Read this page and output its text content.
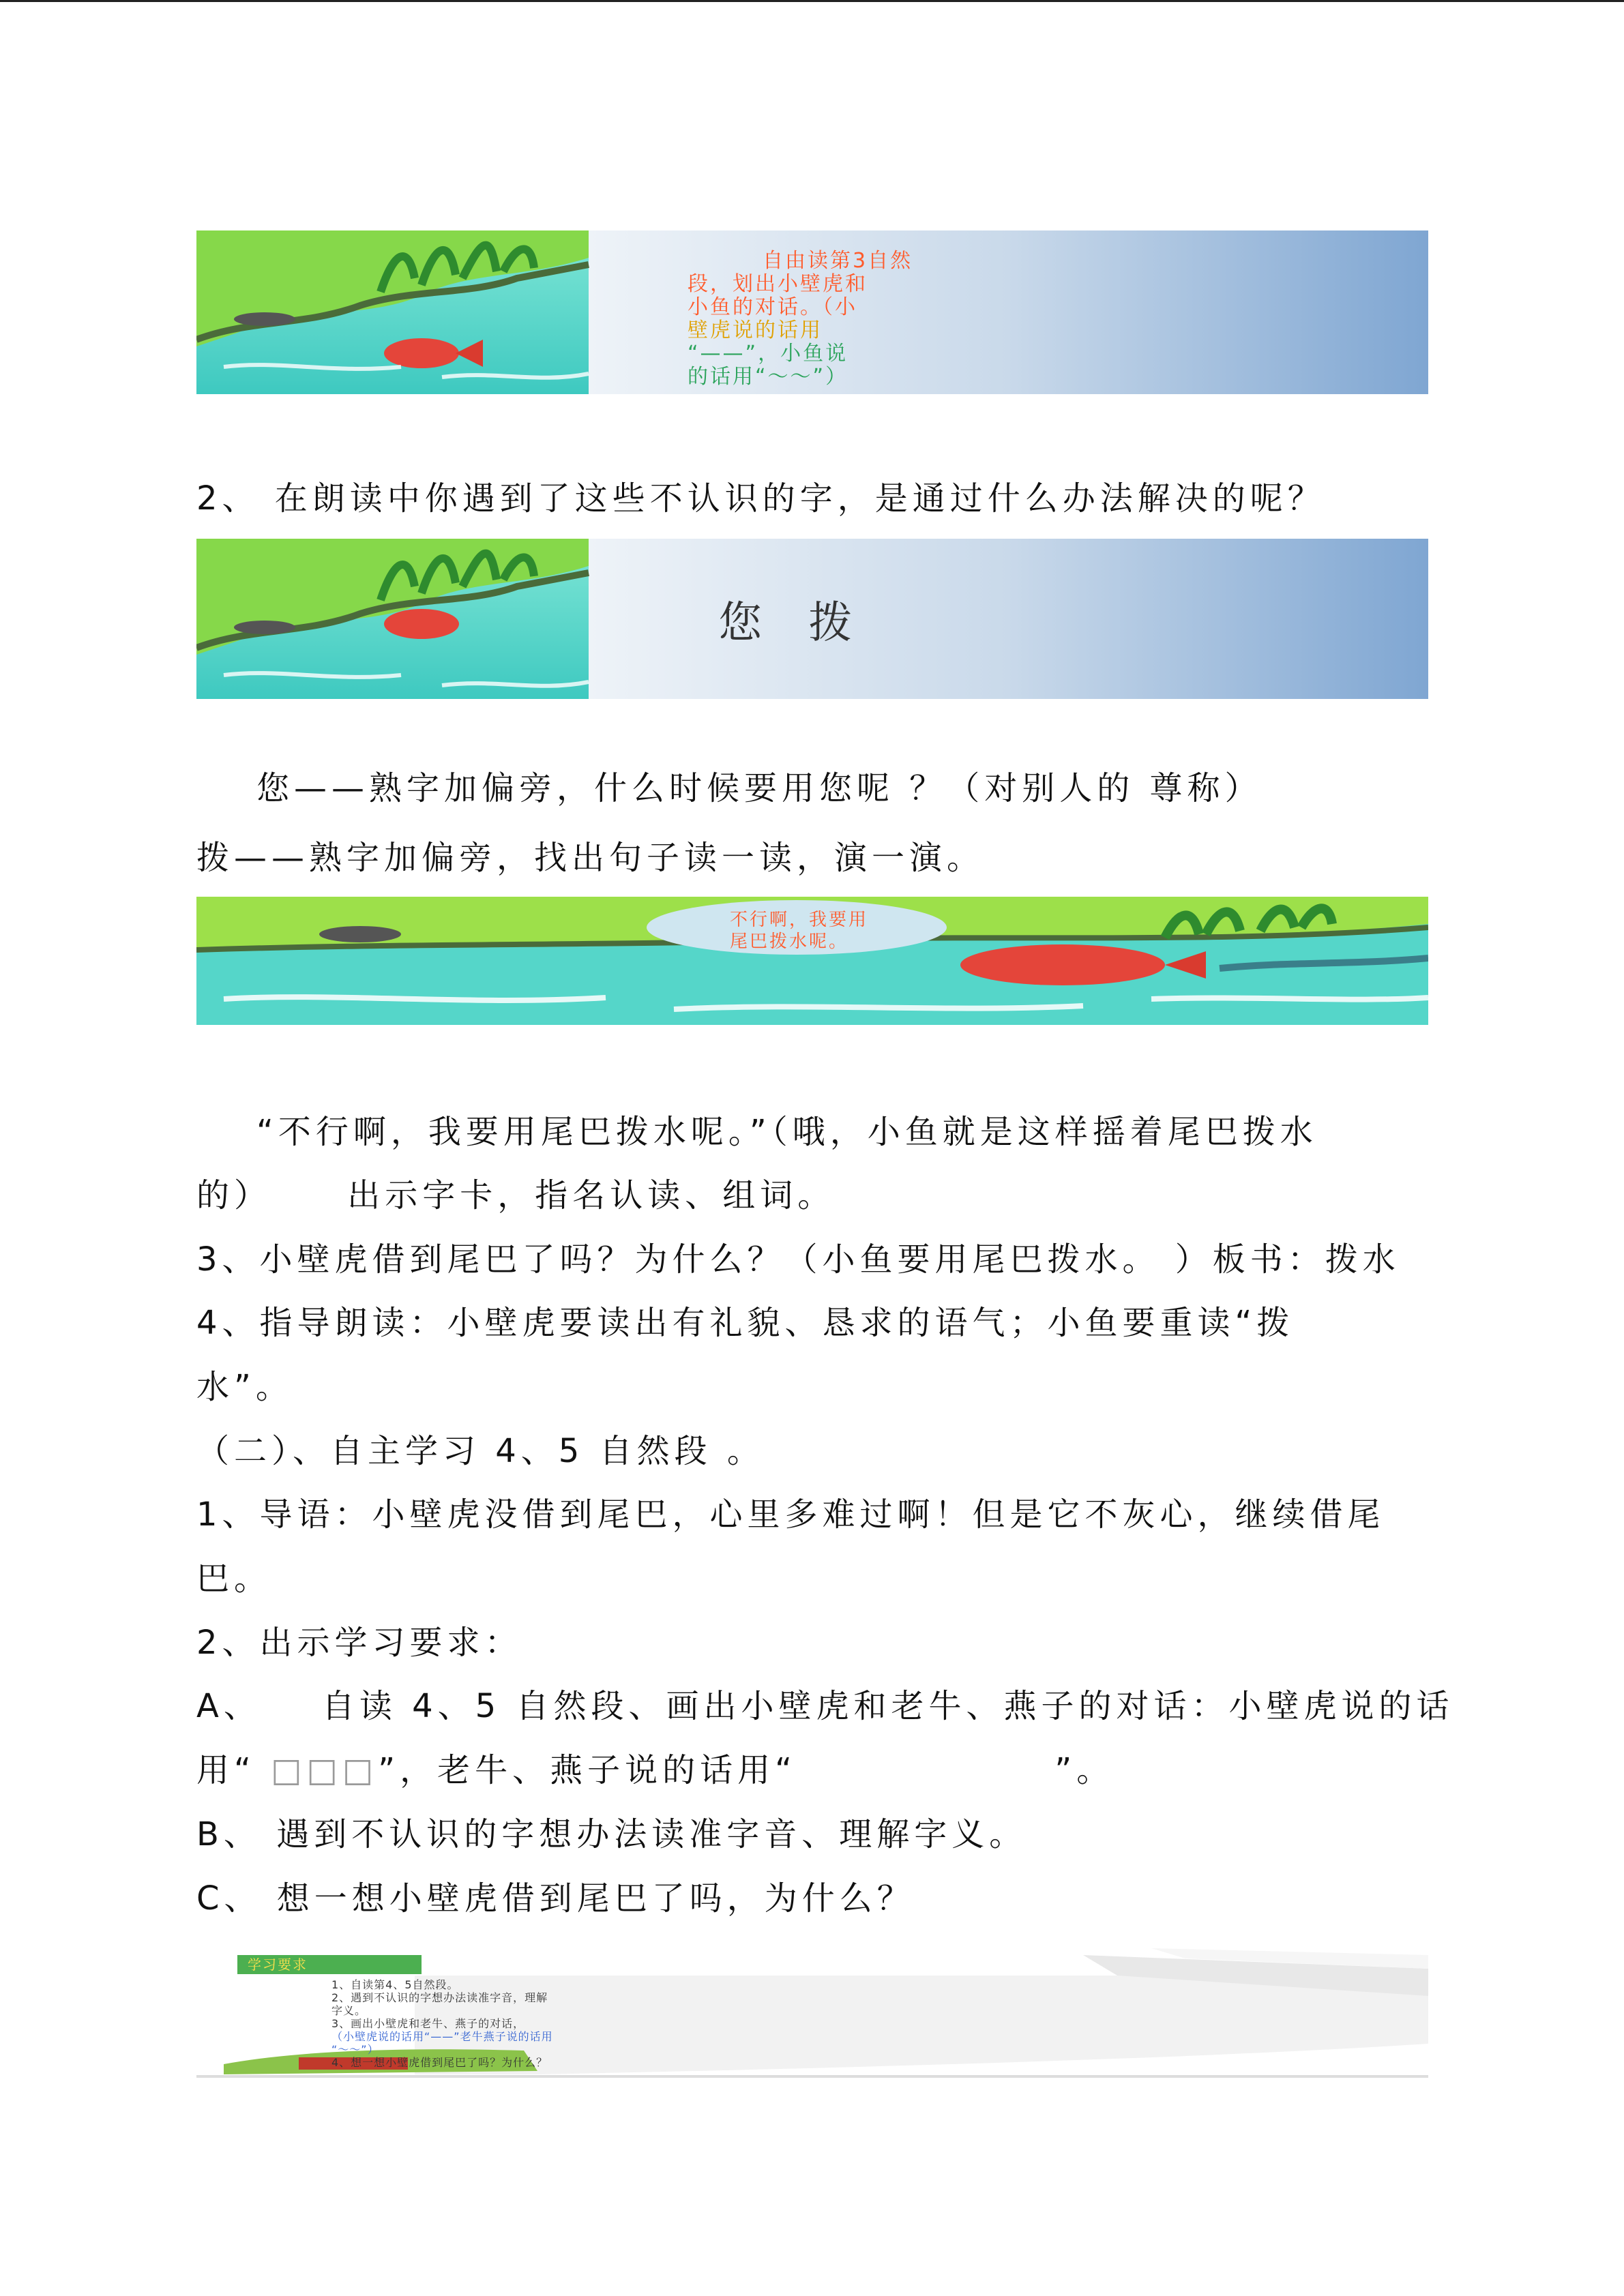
自由读第3自然
段，划出小壁虎和
小鱼的对话。（小
壁虎说的话用
“——”，小鱼说
的话用“～～”）
2、 在朗读中你遇到了这些不认识的字，是通过什么办法解决的呢？
您 拨
您——熟字加偏旁，什么时候要用您呢 ？（对别人的 尊称）
拨——熟字加偏旁，找出句子读一读，演一演。
不行啊，我要用
尾巴拨水呢。
“不行啊，我要用尾巴拨水呢。”（哦，小鱼就是这样摇着尾巴拨水
的）     出示字卡，指名认读、组词。
3、小壁虎借到尾巴了吗？为什么？（小鱼要用尾巴拨水。 ）板书：拨水
4、指导朗读：小壁虎要读出有礼貌、恳求的语气；小鱼要重读“拨
水”。
（二）、自主学习 4、5 自然段 。
1、导语：小壁虎没借到尾巴，心里多难过啊！但是它不灰心，继续借尾
巴。
2、出示学习要求：
A、    自读 4、5 自然段、画出小壁虎和老牛、燕子的对话：小壁虎说的话
用“ □□□”，老牛、燕子说的话用“                 ”。
B、 遇到不认识的字想办法读准字音、理解字义。
C、 想一想小壁虎借到尾巴了吗，为什么？
学习要求
1、自读第4、5自然段。
2、遇到不认识的字想办法读准字音，理解
字义。
3、画出小壁虎和老牛、燕子的对话，
（小壁虎说的话用“——”老牛燕子说的话用
“～～”）
4、想一想小壁虎借到尾巴了吗？为什么？
